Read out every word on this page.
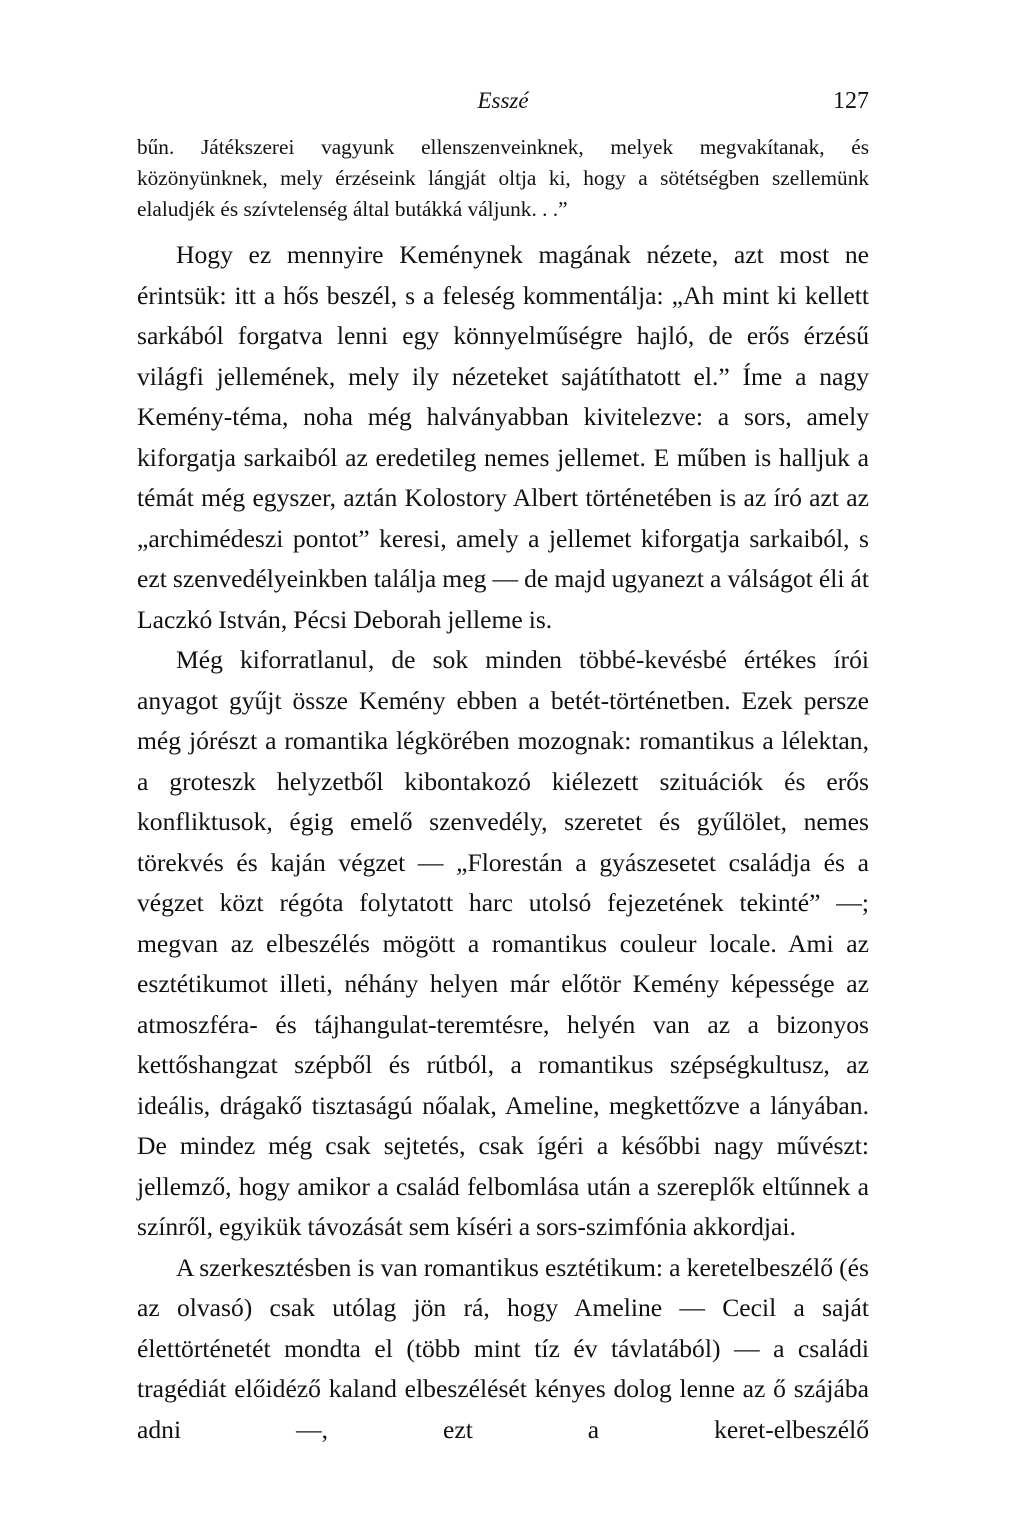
Esszé	127

bűn. Játékszerei vagyunk ellenszenveinknek, melyek megvakítanak, és közönyünknek, mely érzéseink lángját oltja ki, hogy a sötétségben szellemünk elaludjék és szívtelenség által butákká váljunk. . .”

Hogy ez mennyire Keménynek magának nézete, azt most ne érintsük: itt a hős beszél, s a feleség kommentálja: „Ah mint ki kellett sarkából forgatva lenni egy könnyelműségre hajló, de erős érzésű világfi jellemének, mely ily nézeteket sajátíthatott el.” Íme a nagy Kemény-téma, noha még halványabban kivitelezve: a sors, amely kiforgatja sarkaiból az eredetileg nemes jellemet. E műben is halljuk a témát még egyszer, aztán Kolostory Albert történetében is az író azt az „archimédeszi pontot” keresi, amely a jellemet kiforgatja sarkaiból, s ezt szenvedélyeinkben találja meg — de majd ugyanezt a válságot éli át Laczkó István, Pécsi Deborah jelleme is.

Még kiforratlanul, de sok minden többé-kevésbé értékes írói anyagot gyűjt össze Kemény ebben a betét-történetben. Ezek persze még jórészt a romantika légkörében mozognak: romantikus a lélektan, a groteszk helyzetből kibontakozó kiélezett szituációk és erős konfliktusok, égig emelő szenvedély, szeretet és gyűlölet, nemes törekvés és kaján végzet — „Florestán a gyászesetet családja és a végzet közt régóta folytatott harc utolsó fejezetének tekinté” —; megvan az elbeszélés mögött a romantikus couleur locale. Ami az esztétikumot illeti, néhány helyen már előtör Kemény képessége az atmoszféra- és tájhangulat-teremtésre, helyén van az a bizonyos kettőshangzat szépből és rútból, a romantikus szépségkultusz, az ideális, drágakő tisztaságú nőalak, Ameline, megkettőzve a lányában. De mindez még csak sejtetés, csak ígéri a későbbi nagy művészt: jellemző, hogy amikor a család felbomlása után a szereplők eltűnnek a színről, egyikük távozását sem kíséri a sors-szimfónia akkordjai.

A szerkesztésben is van romantikus esztétikum: a keretelbeszélő (és az olvasó) csak utólag jön rá, hogy Ameline — Cecil a saját élettörténetét mondta el (több mint tíz év távlatából) — a családi tragédiát előidéző kaland elbeszélését kényes dolog lenne az ő szájába adni —, ezt a keret-elbeszélő
